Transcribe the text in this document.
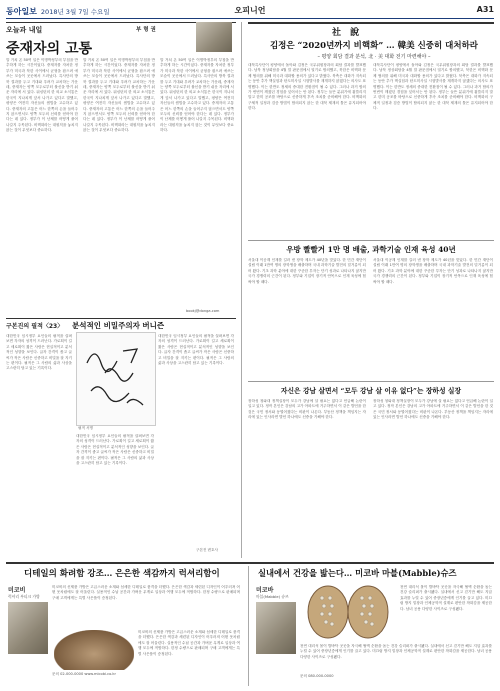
동아일보 2018년 3월 7일 수요일	오피니언	A31
오늘과 내일	부 형 권
중재자의 고통
말 거치 온 50여 일은 이명박정부의 부침을 반추하게 하는 시간이었다. 중재자를 자처한 정부가 미국과 북한 사이에서 균형을 잡으려 애쓰는 모습이 곳곳에서 드러났다. 특사단의 방북 결과를 두고 기대와 우려가 교차하는 가운데, 중재자는 양쪽 모두로부터 불신을 받기 쉬운 자리에 서 있다. 워싱턴의 한 외교 소식통은 한국이 지나치게 앞서 나가고 있다고 말했고, 평양은 여전히 자신들의 셈법을 고수하고 있다. 중재자의 고통은 어느 한쪽의 손을 들어주지 않으면서도 양쪽 모두의 신뢰를 얻어야 한다는 데 있다. 정부가 이 난제를 어떻게 풀어 나갈지 주목된다. 비핵화라는 대원칙을 놓치지 않는 것이 무엇보다 중요하다.
말 거치 온 50여 일은 이명박정부의 부침을 반추하게 하는 시간이었다. 중재자를 자처한 정부가 미국과 북한 사이에서 균형을 잡으려 애쓰는 모습이 곳곳에서 드러났다. 특사단의 방북 결과를 두고 기대와 우려가 교차하는 가운데, 중재자는 양쪽 모두로부터 불신을 받기 쉬운 자리에 서 있다. 워싱턴의 한 외교 소식통은 한국이 지나치게 앞서 나가고 있다고 말했고, 평양은 여전히 자신들의 셈법을 고수하고 있다. 중재자의 고통은 어느 한쪽의 손을 들어주지 않으면서도 양쪽 모두의 신뢰를 얻어야 한다는 데 있다. 정부가 이 난제를 어떻게 풀어 나갈지 주목된다. 비핵화라는 대원칙을 놓치지 않는 것이 무엇보다 중요하다.
말 거치 온 50여 일은 이명박정부의 부침을 반추하게 하는 시간이었다. 중재자를 자처한 정부가 미국과 북한 사이에서 균형을 잡으려 애쓰는 모습이 곳곳에서 드러났다. 특사단의 방북 결과를 두고 기대와 우려가 교차하는 가운데, 중재자는 양쪽 모두로부터 불신을 받기 쉬운 자리에 서 있다. 워싱턴의 한 외교 소식통은 한국이 지나치게 앞서 나가고 있다고 말했고, 평양은 여전히 자신들의 셈법을 고수하고 있다. 중재자의 고통은 어느 한쪽의 손을 들어주지 않으면서도 양쪽 모두의 신뢰를 얻어야 한다는 데 있다. 정부가 이 난제를 어떻게 풀어 나갈지 주목된다. 비핵화라는 대원칙을 놓치지 않는 것이 무엇보다 중요하다.
bookj@donga.com
구본진의 필적〈23〉 분석적인 비밀주의자 버니즌
대한민국 임시정부 요인들의 필적을 살펴보면 각자의 성격이 드러난다. 가로획이 길고 세로획이 짧은 사람은 현실적이고 분석적인 성향을 보인다. 글자 간격이 좁고 글씨가 작은 사람은 신중하고 비밀을 잘 지키는 편이다. 필적은 그 사람의 삶과 사상을 고스란히 담고 있는 기록이다.
필적 서명
대한민국 임시정부 요인들의 필적을 살펴보면 각자의 성격이 드러난다. 가로획이 길고 세로획이 짧은 사람은 현실적이고 분석적인 성향을 보인다. 글자 간격이 좁고 글씨가 작은 사람은 신중하고 비밀을 잘 지키는 편이다. 필적은 그 사람의 삶과 사상을 고스란히 담고 있는 기록이다.
대한민국 임시정부 요인들의 필적을 살펴보면 각자의 성격이 드러난다. 가로획이 길고 세로획이 짧은 사람은 현실적이고 분석적인 성향을 보인다. 글자 간격이 좁고 글씨가 작은 사람은 신중하고 비밀을 잘 지키는 편이다. 필적은 그 사람의 삶과 사상을 고스란히 담고 있는 기록이다.
구본진 변호사
社 說
김정은 “2020년까지 비핵화” … 韓美 신중히 대처하라
– 평양 회담 결과 분석, 北 · 美 대화 전기 마련해야 –
대북특사단이 평양에서 돌아와 김정은 국무위원장과의 회담 결과를 발표했다. 남북 정상회담을 4월 말 판문점에서 열기로 합의했고, 북한은 비핵화 문제 협의를 위해 미국과 대화할 용의가 있다고 밝혔다. 북측은 대화가 지속되는 동안 추가 핵실험과 탄도미사일 시험발사를 재개하지 않겠다는 의사도 표명했다. 이는 한반도 정세의 중대한 전환점이 될 수 있다. 그러나 과거 합의가 번번이 깨졌던 경험을 잊어서는 안 된다. 정부는 들뜬 분위기에 휩쓸리지 말고 한미 공조를 바탕으로 신중하게 후속 조치를 준비해야 한다. 비핵화의 구체적 일정과 검증 방법이 합의되지 않는 한 대북 제재의 틀은 유지되어야 한다.
대북특사단이 평양에서 돌아와 김정은 국무위원장과의 회담 결과를 발표했다. 남북 정상회담을 4월 말 판문점에서 열기로 합의했고, 북한은 비핵화 문제 협의를 위해 미국과 대화할 용의가 있다고 밝혔다. 북측은 대화가 지속되는 동안 추가 핵실험과 탄도미사일 시험발사를 재개하지 않겠다는 의사도 표명했다. 이는 한반도 정세의 중대한 전환점이 될 수 있다. 그러나 과거 합의가 번번이 깨졌던 경험을 잊어서는 안 된다. 정부는 들뜬 분위기에 휩쓸리지 말고 한미 공조를 바탕으로 신중하게 후속 조치를 준비해야 한다. 비핵화의 구체적 일정과 검증 방법이 합의되지 않는 한 대북 제재의 틀은 유지되어야 한다.
우방 빨빨거 1만 명 배출, 과학기술 인재 육성 40년
서울대 이공계 인재를 길러 낸 장학 제도가 40년을 맞았다. 한 민간 재단이 설립 이래 1만여 명의 장학생을 배출하며 국내 과학기술 발전의 밑거름이 되어 왔다. 기초 과학 분야에 대한 꾸준한 투자는 단기 성과로 나타나지 않지만 국가 경쟁력의 근간이 된다. 정부와 기업이 장기적 안목으로 인재 육성에 힘써야 할 때다.
서울대 이공계 인재를 길러 낸 장학 제도가 40년을 맞았다. 한 민간 재단이 설립 이래 1만여 명의 장학생을 배출하며 국내 과학기술 발전의 밑거름이 되어 왔다. 기초 과학 분야에 대한 꾸준한 투자는 단기 성과로 나타나지 않지만 국가 경쟁력의 근간이 된다. 정부와 기업이 장기적 안목으로 인재 육성에 힘써야 할 때다.
자신은 강남 살면서 “모두 강남 살 이유 없다”는 장하성 실장
장하성 청와대 정책실장이 모두가 강남에 살 필요는 없다고 언급해 논란이 일고 있다. 정작 본인은 강남의 고가 아파트에 거주하면서 이 같은 발언을 한 것은 국민 정서와 동떨어졌다는 비판이 나온다. 부동산 정책을 책임지는 자리에 있는 인사라면 발언 하나에도 신중을 기해야 한다.
장하성 청와대 정책실장이 모두가 강남에 살 필요는 없다고 언급해 논란이 일고 있다. 정작 본인은 강남의 고가 아파트에 거주하면서 이 같은 발언을 한 것은 국민 정서와 동떨어졌다는 비판이 나온다. 부동산 정책을 책임지는 자리에 있는 인사라면 발언 하나에도 신중을 기해야 한다.
디테일의 화려함 강조… 은은한 색감까지 럭셔리함이
미코비
럭셔리 부티크 가방
미코비의 신제품 가방은 고급스러운 소재와 섬세한 디테일로 품격을 더했다. 은은한 색감과 세련된 디자인이 어우러져 어떤 옷차림에도 잘 어울린다. 실용적인 수납 공간과 가벼운 무게로 일상과 여행 모두에 적합하다. 한정 수량으로 판매되며 구매 고객에게는 특별 사은품이 증정된다.
미코비의 신제품 가방은 고급스러운 소재와 섬세한 디테일로 품격을 더했다. 은은한 색감과 세련된 디자인이 어우러져 어떤 옷차림에도 잘 어울린다. 실용적인 수납 공간과 가벼운 무게로 일상과 여행 모두에 적합하다. 한정 수량으로 판매되며 구매 고객에게는 특별 사은품이 증정된다.
문의 02-000-0000 www.micobi.co.kr
실내에서 건강을 밟는다… 미코바 마블(Mabble)슈즈
미코바
마블(Mabble) 슈즈
천연 대리석 볼이 발바닥 곳곳을 자극해 혈액 순환을 돕는 건강 슬리퍼가 출시됐다. 실내에서 신고 걷기만 해도 지압 효과를 누릴 수 있어 중장년층에게 인기를 끌고 있다. 미끄럼 방지 밑창과 인체공학적 설계로 편안한 착화감을 제공한다. 남녀 공용 다양한 사이즈로 구성됐다.
천연 대리석 볼이 발바닥 곳곳을 자극해 혈액 순환을 돕는 건강 슬리퍼가 출시됐다. 실내에서 신고 걷기만 해도 지압 효과를 누릴 수 있어 중장년층에게 인기를 끌고 있다. 미끄럼 방지 밑창과 인체공학적 설계로 편안한 착화감을 제공한다. 남녀 공용 다양한 사이즈로 구성됐다.
문의 080-000-0000
